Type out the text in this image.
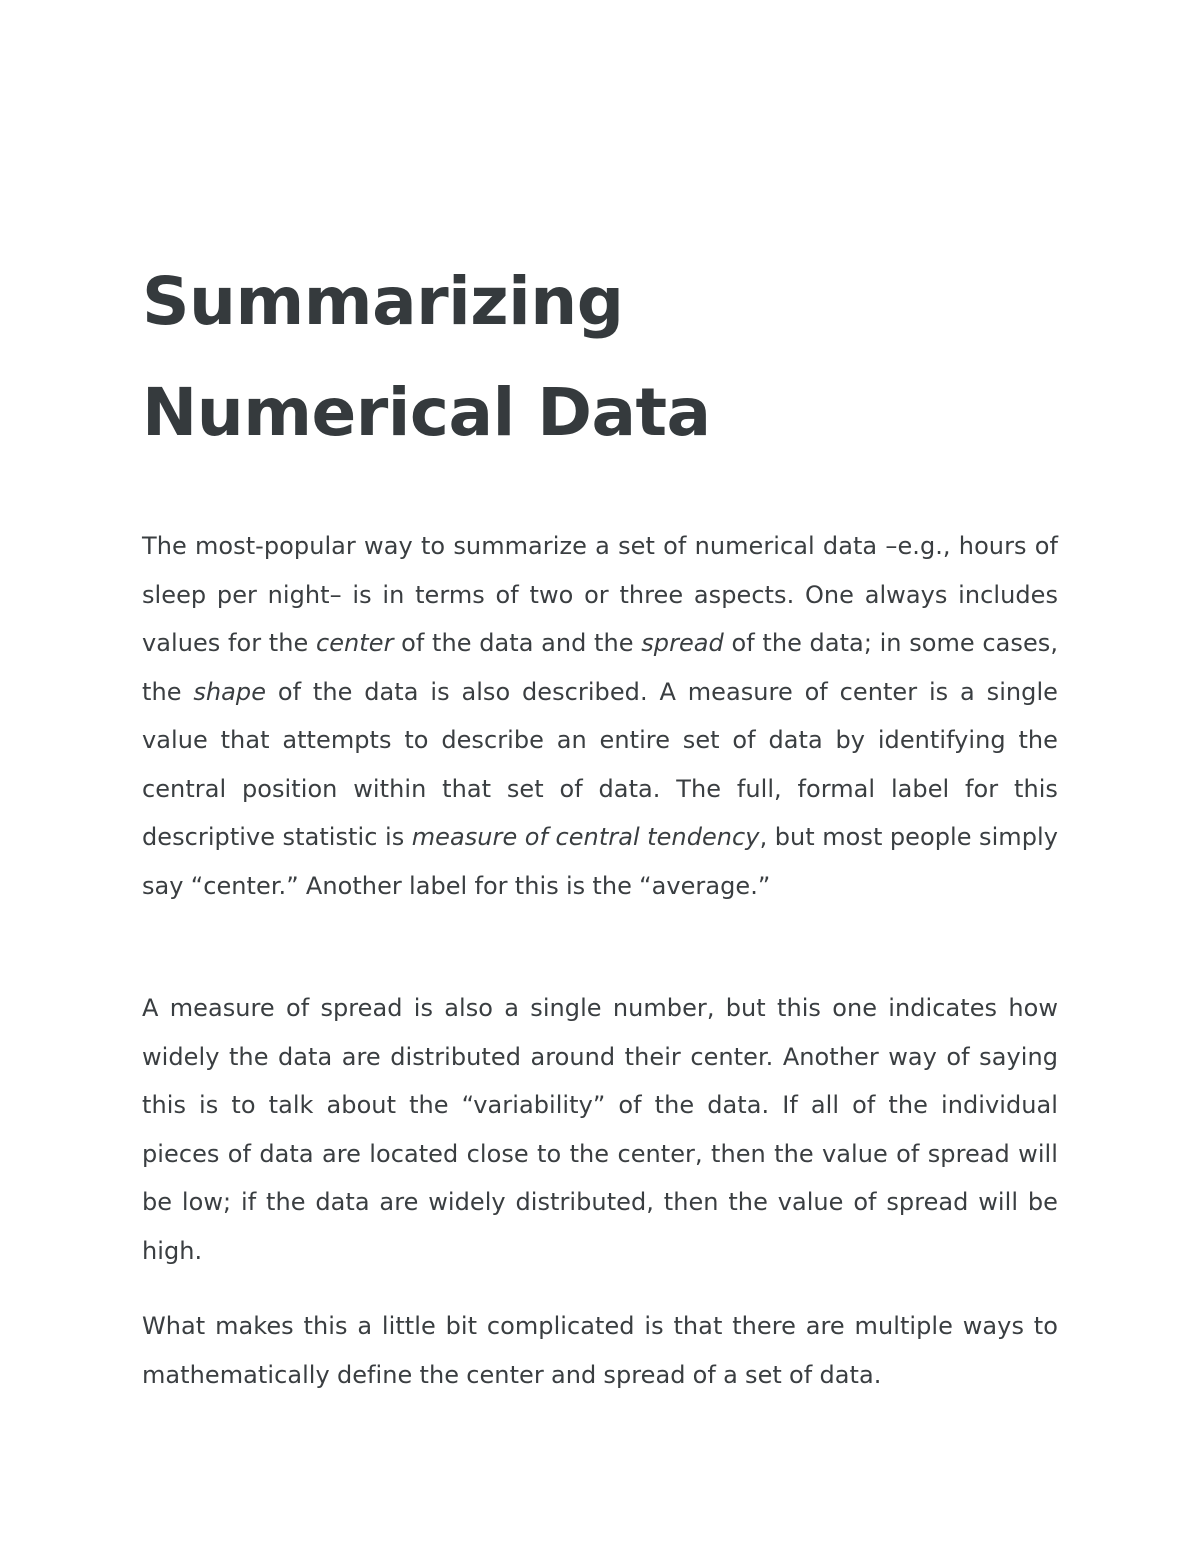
Summarizing
Numerical Data

The most-popular way to summarize a set of numerical data –e.g., hours of sleep per night– is in terms of two or three aspects. One always includes values for the center of the data and the spread of the data; in some cases, the shape of the data is also described. A measure of center is a single value that attempts to describe an entire set of data by identifying the central position within that set of data. The full, formal label for this descriptive statistic is measure of central tendency, but most people simply say “center.” Another label for this is the “average.”

A measure of spread is also a single number, but this one indicates how widely the data are distributed around their center. Another way of saying this is to talk about the “variability” of the data. If all of the individual pieces of data are located close to the center, then the value of spread will be low; if the data are widely distributed, then the value of spread will be high.

What makes this a little bit complicated is that there are multiple ways to mathematically define the center and spread of a set of data.
